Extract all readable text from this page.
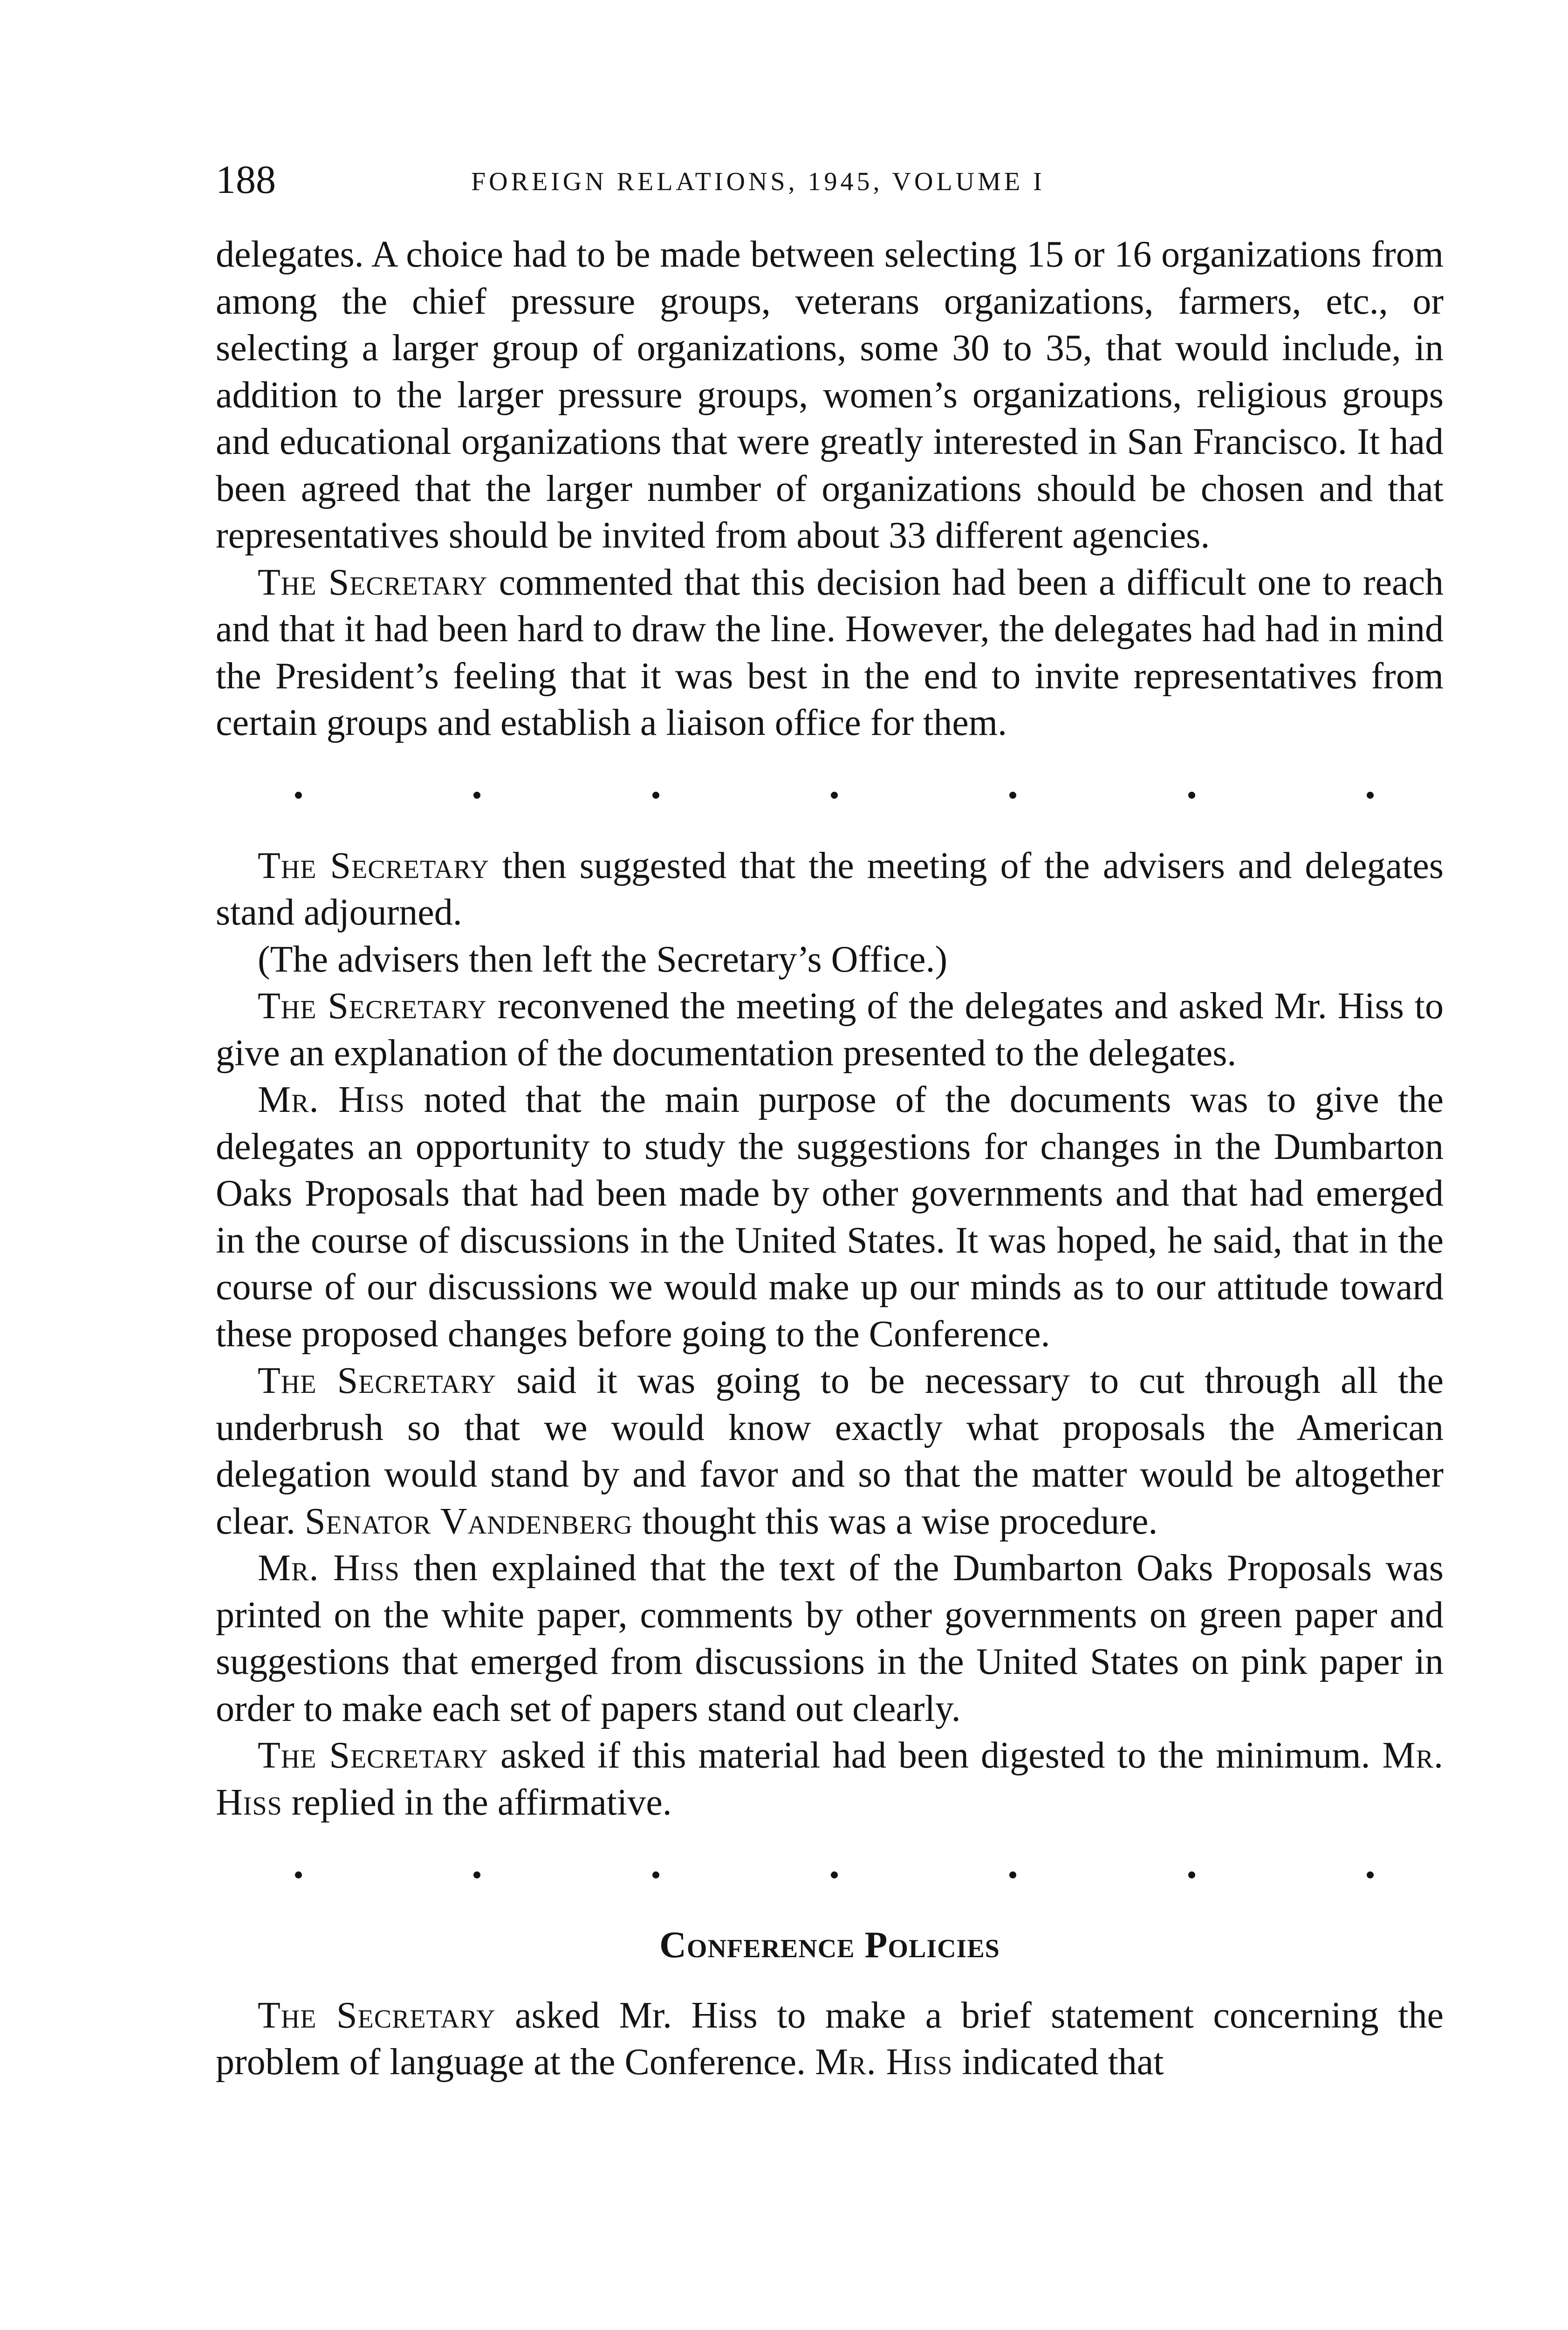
188	FOREIGN RELATIONS, 1945, VOLUME I

delegates. A choice had to be made between selecting 15 or 16 organizations from among the chief pressure groups, veterans organizations, farmers, etc., or selecting a larger group of organizations, some 30 to 35, that would include, in addition to the larger pressure groups, women’s organizations, religious groups and educational organizations that were greatly interested in San Francisco. It had been agreed that the larger number of organizations should be chosen and that representatives should be invited from about 33 different agencies.

The Secretary commented that this decision had been a difficult one to reach and that it had been hard to draw the line. However, the delegates had had in mind the President’s feeling that it was best in the end to invite representatives from certain groups and establish a liaison office for them.

The Secretary then suggested that the meeting of the advisers and delegates stand adjourned.

(The advisers then left the Secretary’s Office.)

The Secretary reconvened the meeting of the delegates and asked Mr. Hiss to give an explanation of the documentation presented to the delegates.

Mr. Hiss noted that the main purpose of the documents was to give the delegates an opportunity to study the suggestions for changes in the Dumbarton Oaks Proposals that had been made by other governments and that had emerged in the course of discussions in the United States. It was hoped, he said, that in the course of our discussions we would make up our minds as to our attitude toward these proposed changes before going to the Conference.

The Secretary said it was going to be necessary to cut through all the underbrush so that we would know exactly what proposals the American delegation would stand by and favor and so that the matter would be altogether clear. Senator Vandenberg thought this was a wise procedure.

Mr. Hiss then explained that the text of the Dumbarton Oaks Proposals was printed on the white paper, comments by other governments on green paper and suggestions that emerged from discussions in the United States on pink paper in order to make each set of papers stand out clearly.

The Secretary asked if this material had been digested to the minimum. Mr. Hiss replied in the affirmative.

Conference Policies

The Secretary asked Mr. Hiss to make a brief statement concerning the problem of language at the Conference. Mr. Hiss indicated that
